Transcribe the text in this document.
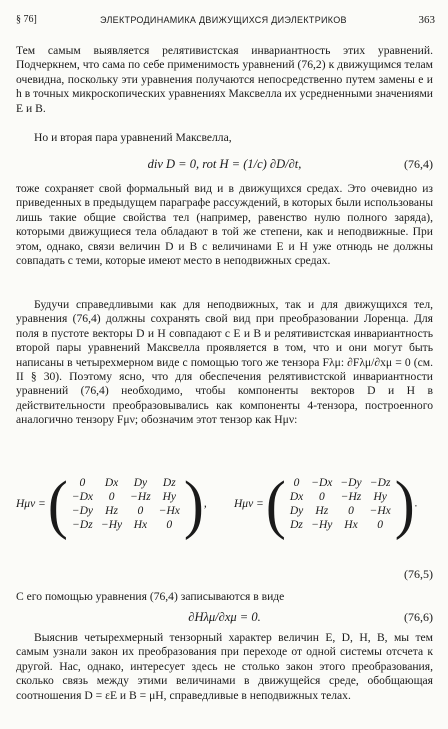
§ 76]	ЭЛЕКТРОДИНАМИКА ДВИЖУЩИХСЯ ДИЭЛЕКТРИКОВ	363
Тем самым выявляется релятивистская инвариантность этих уравнений. Подчеркнем, что сама по себе применимость уравнений (76,2) к движущимся телам очевидна, поскольку эти уравнения получаются непосредственно путем замены e и h в точных микроскопических уравнениях Максвелла их усредненными значениями E и B.
Но и вторая пара уравнений Максвелла,
div D = 0, rot H = (1/c) ∂D/∂t,	(76,4)
тоже сохраняет свой формальный вид и в движущихся средах. Это очевидно из приведенных в предыдущем параграфе рассуждений, в которых были использованы лишь такие общие свойства тел (например, равенство нулю полного заряда), которыми движущиеся тела обладают в той же степени, как и неподвижные. При этом, однако, связи величин D и B с величинами E и H уже отнюдь не должны совпадать с теми, которые имеют место в неподвижных средах.
Будучи справедливыми как для неподвижных, так и для движущихся тел, уравнения (76,4) должны сохранять свой вид при преобразовании Лоренца. Для поля в пустоте векторы D и H совпадают с E и B и релятивистская инвариантность второй пары уравнений Максвелла проявляется в том, что и они могут быть написаны в четырехмерном виде с помощью того же тензора Fλμ: ∂Fλμ/∂xμ = 0 (см. II § 30). Поэтому ясно, что для обеспечения релятивистской инвариантности уравнений (76,4) необходимо, чтобы компоненты векторов D и H в действительности преобразовывались как компоненты 4-тензора, построенного аналогично тензору Fμν; обозначим этот тензор как Hμν:
Hμν =( 0	Dx	Dy	Dz
−Dx	0	−Hz	Hy
−Dy	Hz	0	−Hx
−Dz	−Hy	Hx	0 ), Hμν =( 0	−Dx	−Dy	−Dz
Dx	0	−Hz	Hy
Dy	Hz	0	−Hx
Dz	−Hy	Hx	0 ).
(76,5)
С его помощью уравнения (76,4) записываются в виде
∂Hλμ/∂xμ = 0.	(76,6)
Выяснив четырехмерный тензорный характер величин E, D, H, B, мы тем самым узнали закон их преобразования при переходе от одной системы отсчета к другой. Нас, однако, интересует здесь не столько закон этого преобразования, сколько связь между этими величинами в движущейся среде, обобщающая соотношения D = εE и B = μH, справедливые в неподвижных телах.
